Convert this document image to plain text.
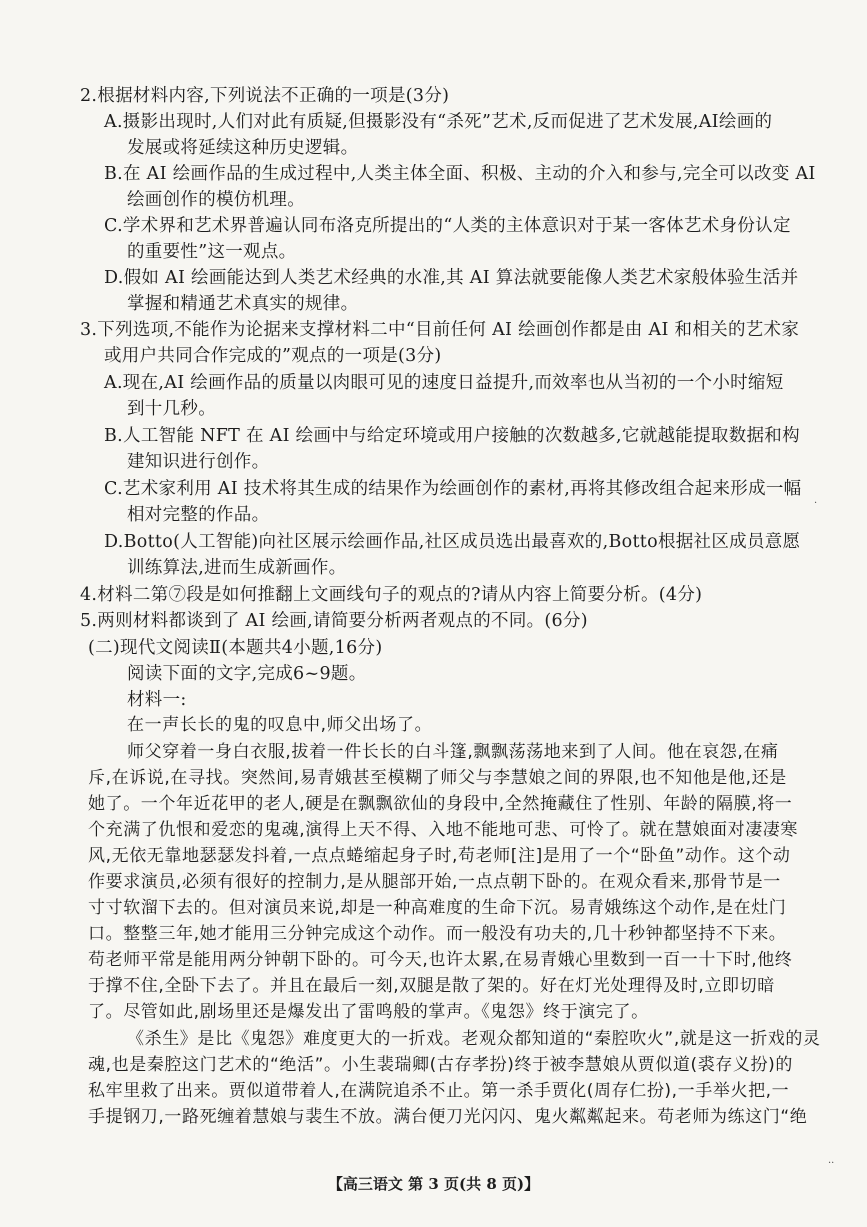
2.根据材料内容,下列说法不正确的一项是(3分)
A.摄影出现时,人们对此有质疑,但摄影没有“杀死”艺术,反而促进了艺术发展,AI绘画的
发展或将延续这种历史逻辑。
B.在 AI 绘画作品的生成过程中,人类主体全面、积极、主动的介入和参与,完全可以改变 AI
绘画创作的模仿机理。
C.学术界和艺术界普遍认同布洛克所提出的“人类的主体意识对于某一客体艺术身份认定
的重要性”这一观点。
D.假如 AI 绘画能达到人类艺术经典的水准,其 AI 算法就要能像人类艺术家般体验生活并
掌握和精通艺术真实的规律。
3.下列选项,不能作为论据来支撑材料二中“目前任何 AI 绘画创作都是由 AI 和相关的艺术家
或用户共同合作完成的”观点的一项是(3分)
A.现在,AI 绘画作品的质量以肉眼可见的速度日益提升,而效率也从当初的一个小时缩短
到十几秒。
B.人工智能 NFT 在 AI 绘画中与给定环境或用户接触的次数越多,它就越能提取数据和构
建知识进行创作。
C.艺术家利用 AI 技术将其生成的结果作为绘画创作的素材,再将其修改组合起来形成一幅
相对完整的作品。
D.Botto(人工智能)向社区展示绘画作品,社区成员选出最喜欢的,Botto根据社区成员意愿
训练算法,进而生成新画作。
4.材料二第⑦段是如何推翻上文画线句子的观点的?请从内容上简要分析。(4分)
5.两则材料都谈到了 AI 绘画,请简要分析两者观点的不同。(6分)
(二)现代文阅读Ⅱ(本题共4小题,16分)
阅读下面的文字,完成6~9题。
材料一:
在一声长长的鬼的叹息中,师父出场了。
师父穿着一身白衣服,拔着一件长长的白斗篷,飘飘荡荡地来到了人间。他在哀怨,在痛
斥,在诉说,在寻找。突然间,易青娥甚至模糊了师父与李慧娘之间的界限,也不知他是他,还是
她了。一个年近花甲的老人,硬是在飘飘欲仙的身段中,全然掩藏住了性别、年龄的隔膜,将一
个充满了仇恨和爱恋的鬼魂,演得上天不得、入地不能地可悲、可怜了。就在慧娘面对凄凄寒
风,无依无靠地瑟瑟发抖着,一点点蜷缩起身子时,苟老师[注]是用了一个“卧鱼”动作。这个动
作要求演员,必须有很好的控制力,是从腿部开始,一点点朝下卧的。在观众看来,那骨节是一
寸寸软溜下去的。但对演员来说,却是一种高难度的生命下沉。易青娥练这个动作,是在灶门
口。整整三年,她才能用三分钟完成这个动作。而一般没有功夫的,几十秒钟都坚持不下来。
苟老师平常是能用两分钟朝下卧的。可今天,也许太累,在易青娥心里数到一百一十下时,他终
于撑不住,全卧下去了。并且在最后一刻,双腿是散了架的。好在灯光处理得及时,立即切暗
了。尽管如此,剧场里还是爆发出了雷鸣般的掌声。《鬼怨》终于演完了。
《杀生》是比《鬼怨》难度更大的一折戏。老观众都知道的“秦腔吹火”,就是这一折戏的灵
魂,也是秦腔这门艺术的“绝活”。小生裴瑞卿(古存孝扮)终于被李慧娘从贾似道(裘存义扮)的
私牢里救了出来。贾似道带着人,在满院追杀不止。第一杀手贾化(周存仁扮),一手举火把,一
手提钢刀,一路死缠着慧娘与裴生不放。满台便刀光闪闪、鬼火粼粼起来。苟老师为练这门“绝
【高三语文 第 3 页(共 8 页)】
·
··
